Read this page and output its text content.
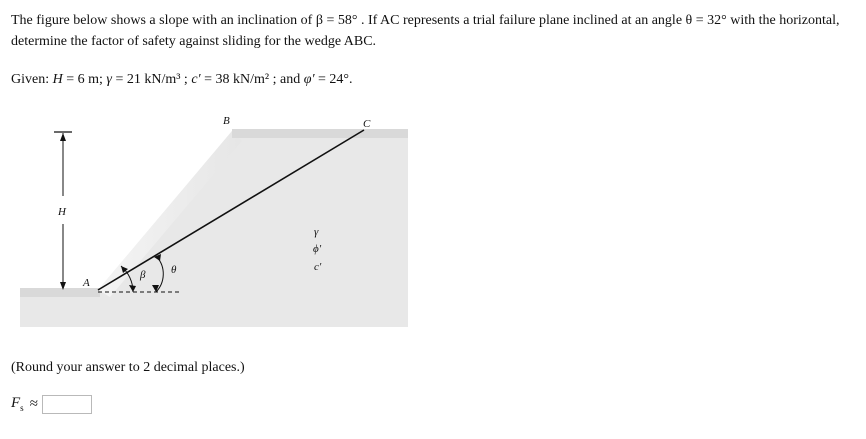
The figure below shows a slope with an inclination of β = 58° . If AC represents a trial failure plane inclined at an angle θ = 32° with the horizontal, determine the factor of safety against sliding for the wedge ABC.
Given: H = 6 m; γ = 21 kN/m³ ; c′ = 38 kN/m² ; and φ′ = 24°.
H
β θ
A
B	C
γ
ϕ′
c′
(Round your answer to 2 decimal places.)
$F_s$ ≈
